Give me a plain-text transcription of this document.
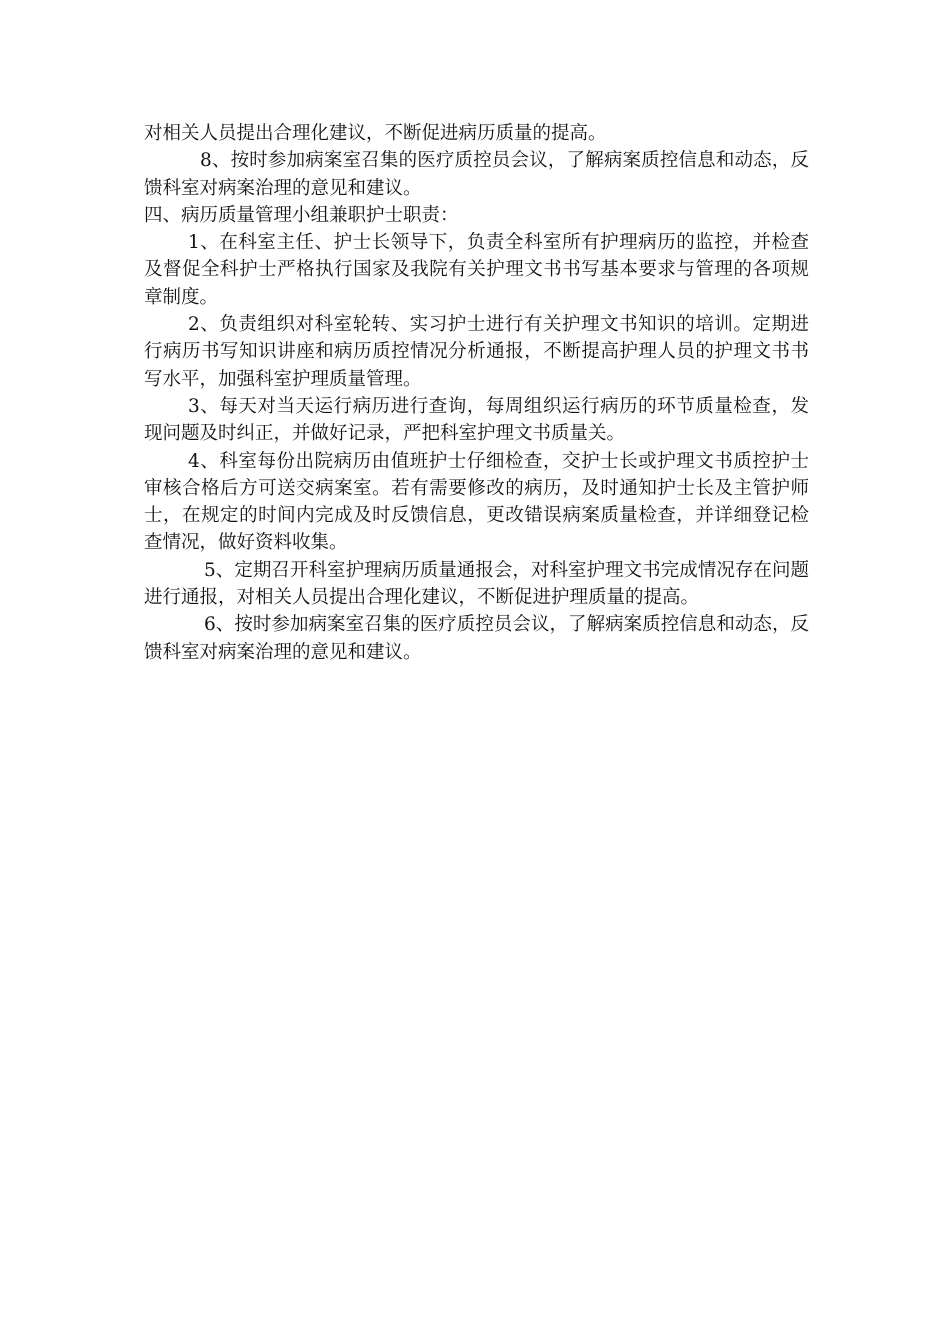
对相关人员提出合理化建议，不断促进病历质量的提高。

8、按时参加病案室召集的医疗质控员会议，了解病案质控信息和动态，反馈科室对病案治理的意见和建议。

四、病历质量管理小组兼职护士职责：

1、在科室主任、护士长领导下，负责全科室所有护理病历的监控，并检查及督促全科护士严格执行国家及我院有关护理文书书写基本要求与管理的各项规章制度。

2、负责组织对科室轮转、实习护士进行有关护理文书知识的培训。定期进行病历书写知识讲座和病历质控情况分析通报，不断提高护理人员的护理文书书写水平，加强科室护理质量管理。

3、每天对当天运行病历进行查询，每周组织运行病历的环节质量检查，发现问题及时纠正，并做好记录，严把科室护理文书质量关。

4、科室每份出院病历由值班护士仔细检查，交护士长或护理文书质控护士审核合格后方可送交病案室。若有需要修改的病历，及时通知护士长及主管护师士，在规定的时间内完成及时反馈信息，更改错误病案质量检查，并详细登记检查情况，做好资料收集。

5、定期召开科室护理病历质量通报会，对科室护理文书完成情况存在问题进行通报，对相关人员提出合理化建议，不断促进护理质量的提高。

6、按时参加病案室召集的医疗质控员会议，了解病案质控信息和动态，反馈科室对病案治理的意见和建议。
